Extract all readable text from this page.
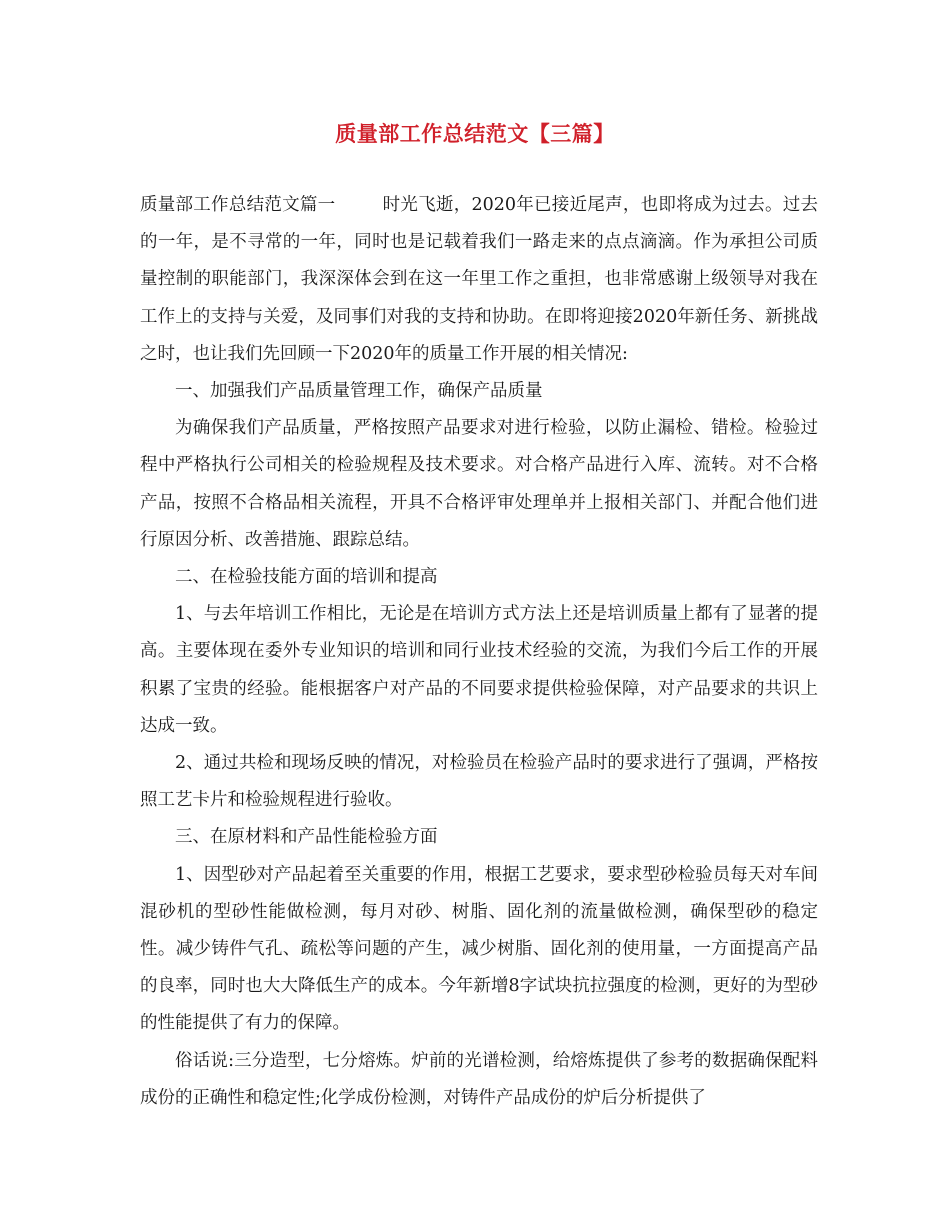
质量部工作总结范文【三篇】

质量部工作总结范文篇一	时光飞逝，2020年已接近尾声，也即将成为过去。过去的一年，是不寻常的一年，同时也是记载着我们一路走来的点点滴滴。作为承担公司质量控制的职能部门，我深深体会到在这一年里工作之重担，也非常感谢上级领导对我在工作上的支持与关爱，及同事们对我的支持和协助。在即将迎接2020年新任务、新挑战之时，也让我们先回顾一下2020年的质量工作开展的相关情况:

一、加强我们产品质量管理工作，确保产品质量

为确保我们产品质量，严格按照产品要求对进行检验，以防止漏检、错检。检验过程中严格执行公司相关的检验规程及技术要求。对合格产品进行入库、流转。对不合格产品，按照不合格品相关流程，开具不合格评审处理单并上报相关部门、并配合他们进行原因分析、改善措施、跟踪总结。

二、在检验技能方面的培训和提高

1、与去年培训工作相比，无论是在培训方式方法上还是培训质量上都有了显著的提高。主要体现在委外专业知识的培训和同行业技术经验的交流，为我们今后工作的开展积累了宝贵的经验。能根据客户对产品的不同要求提供检验保障，对产品要求的共识上达成一致。

2、通过共检和现场反映的情况，对检验员在检验产品时的要求进行了强调，严格按照工艺卡片和检验规程进行验收。

三、在原材料和产品性能检验方面

1、因型砂对产品起着至关重要的作用，根据工艺要求，要求型砂检验员每天对车间混砂机的型砂性能做检测，每月对砂、树脂、固化剂的流量做检测，确保型砂的稳定性。减少铸件气孔、疏松等问题的产生，减少树脂、固化剂的使用量，一方面提高产品的良率，同时也大大降低生产的成本。今年新增8字试块抗拉强度的检测，更好的为型砂的性能提供了有力的保障。

俗话说:三分造型，七分熔炼。炉前的光谱检测，给熔炼提供了参考的数据确保配料成份的正确性和稳定性;化学成份检测，对铸件产品成份的炉后分析提供了
